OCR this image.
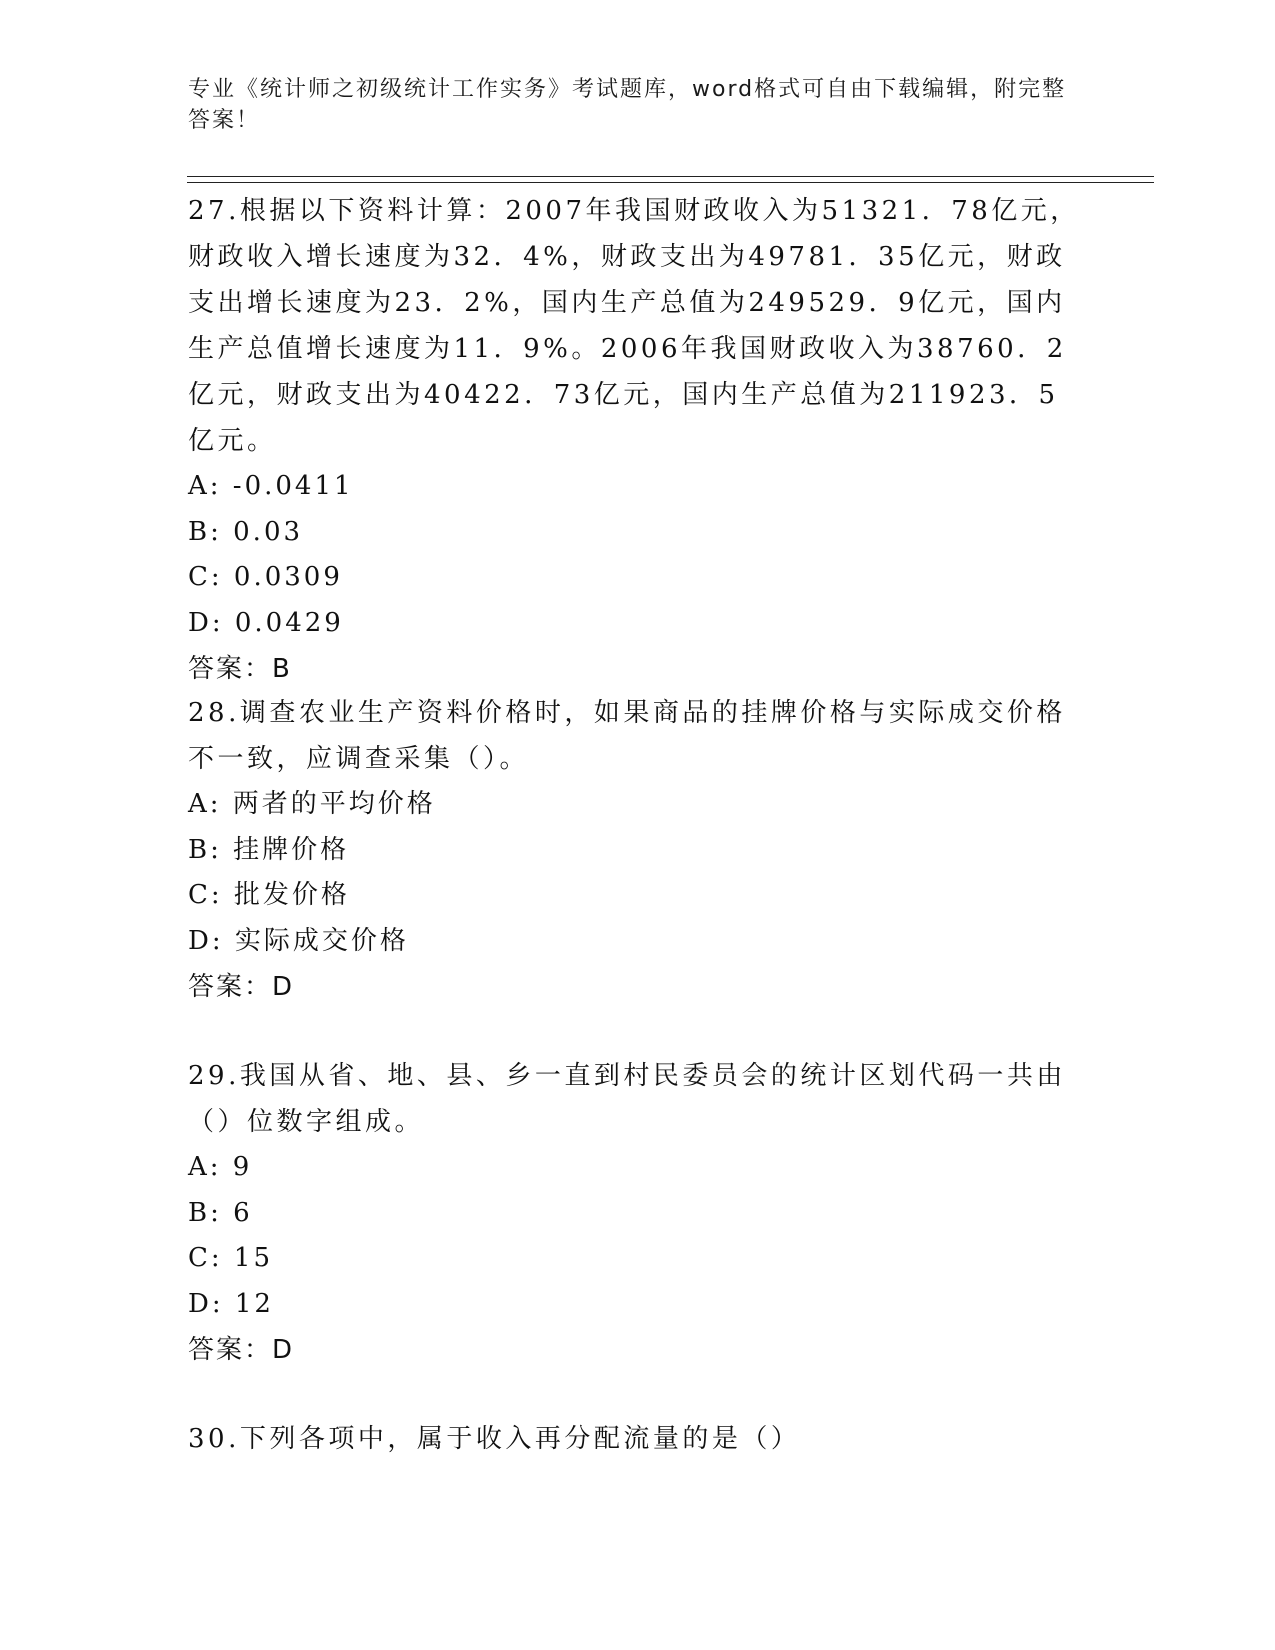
专业《统计师之初级统计工作实务》考试题库，word格式可自由下载编辑，附完整答案！

27.根据以下资料计算：2007年我国财政收入为51321．78亿元，财政收入增长速度为32．4%，财政支出为49781．35亿元，财政支出增长速度为23．2%，国内生产总值为249529．9亿元，国内生产总值增长速度为11．9%。2006年我国财政收入为38760．2亿元，财政支出为40422．73亿元，国内生产总值为211923．5亿元。

A: -0.0411

B: 0.03

C: 0.0309

D: 0.0429

答案：B

28.调查农业生产资料价格时，如果商品的挂牌价格与实际成交价格不一致，应调查采集（）。

A: 两者的平均价格

B: 挂牌价格

C: 批发价格

D: 实际成交价格

答案：D

29.我国从省、地、县、乡一直到村民委员会的统计区划代码一共由（）位数字组成。

A: 9

B: 6

C: 15

D: 12

答案：D

30.下列各项中，属于收入再分配流量的是（）
